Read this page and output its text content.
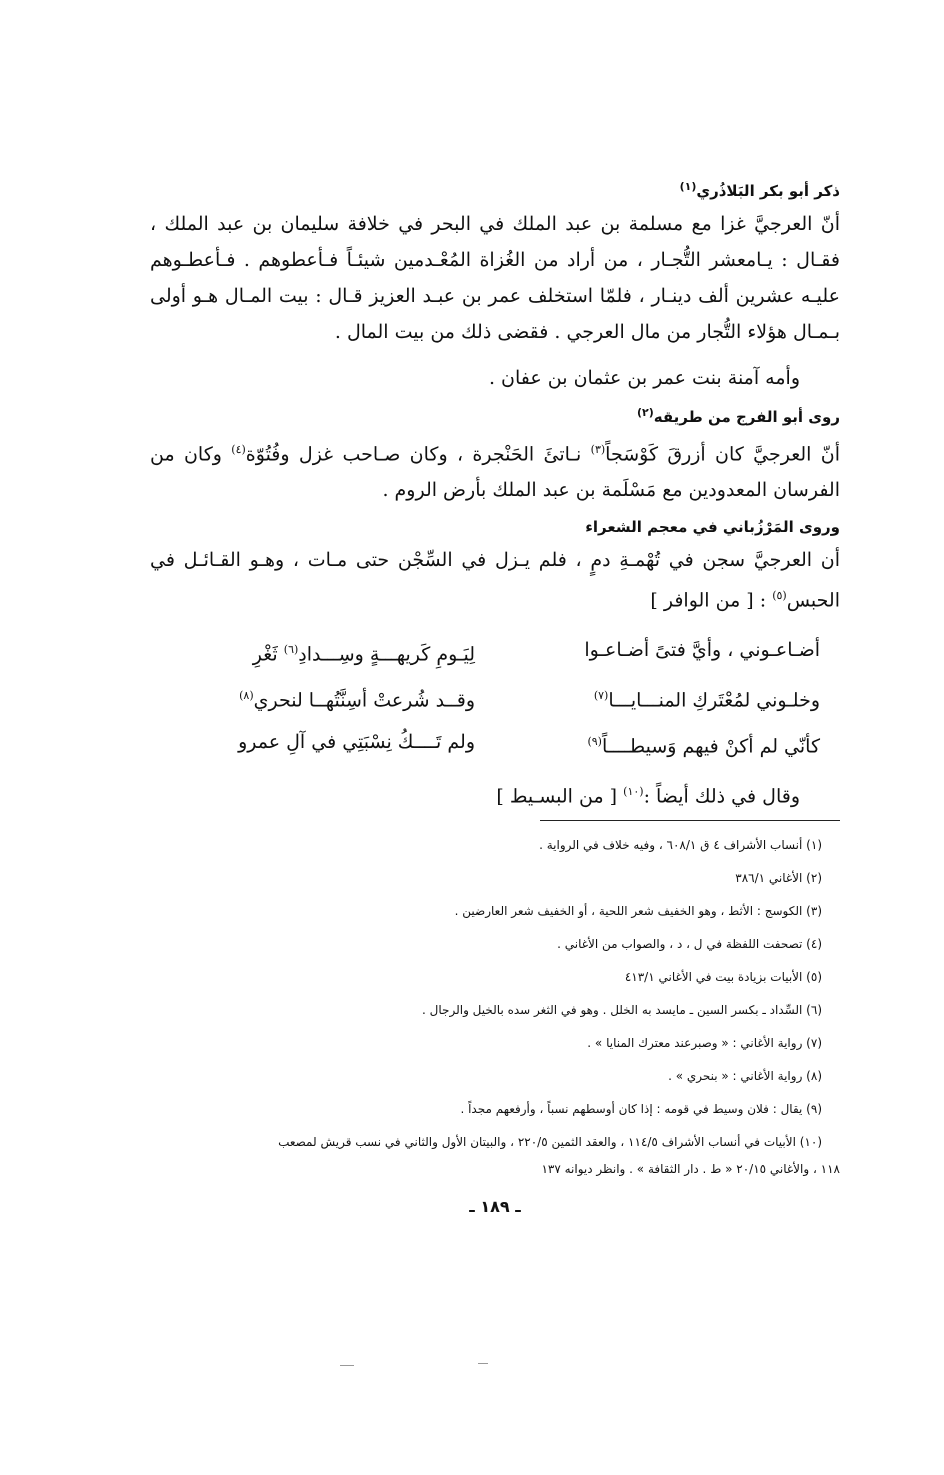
ذكر أبو بكر البَلاذُري$^{(١)}$

أنّ العرجيَّ غزا مع مسلمة بن عبد الملك في البحر في خلافة سليمان بن عبد الملك ، فقـال : يـامعشر التُّجـار ، من أراد من الغُزاة المُعْـدمين شيئـاً فـأعطوهم . فـأعطـوهم عليـه عشرين ألف دينـار ، فلمّا استخلف عمر بن عبـد العزيز قـال : بيت المـال هـو أولى بـمـال هؤلاء التُّجار من مال العرجي . فقضى ذلك من بيت المال .

وأمه آمنة بنت عمر بن عثمان بن عفان .

روى أبو الفرج من طريقه$^{(٢)}$

أنّ العرجيَّ كان أزرقَ كَوْسَجاً$^{(٣)}$ نـاتئَ الحَنْجرة ، وكان صـاحب غزل وفُتُوّة$^{(٤)}$ وكان من الفرسان المعدودين مع مَسْلَمة بن عبد الملك بأرض الروم .

وروى المَرْزُباني في معجم الشعراء

أن العرجيَّ سجن في تُهْمـةِ دمٍ ، فلم يـزل في السِّجْن حتى مـات ، وهـو القـائـل في الحبس$^{(٥)}$ : [ من الوافر ]

أضـاعـوني ، وأيَّ فتىً أضـاعـوا
لِيَـومِ كَريهـــةٍ وسِـــدادِ$^{(٦)}$ ثَغْرِ
وخلـوني لمُعْتَركِ المنـــايـــا$^{(٧)}$
وقــد شُرعتْ أسِنَّتُهــا لنحري$^{(٨)}$
كأنّي لم أكنْ فيهم وَسيطــــاً$^{(٩)}$
ولم تَــــكُ نِسْبَتِي في آلِ عمرو

وقال في ذلك أيضاً :$^{(١٠)}$ [ من البسـيط ]

(١) أنساب الأشراف ٤ ق ٦٠٨/١ ، وفيه خلاف في الرواية .

(٢) الأغاني ٣٨٦/١

(٣) الكوسج : الأثط ، وهو الخفيف شعر اللحية ، أو الخفيف شعر العارضين .

(٤) تصحفت اللفظة في ل ، د ، والصواب من الأغاني .

(٥) الأبيات بزيادة بيت في الأغاني ٤١٣/١

(٦) السِّداد ـ بكسر السين ـ مايسد به الخلل . وهو في الثغر سده بالخيل والرجال .

(٧) رواية الأغاني : « وصبرعند معترك المنايا » .

(٨) رواية الأغاني : « بنحري » .

(٩) يقال : فلان وسيط في قومه : إذا كان أوسطهم نسباً ، وأرفعهم مجداً .

(١٠) الأبيات في أنساب الأشراف ١١٤/٥ ، والعقد الثمين ٢٢٠/٥ ، والبيتان الأول والثاني في نسب قريش لمصعب

١١٨ ، والأغاني ٢٠/١٥ « ط . دار الثقافة » . وانظر ديوانه ١٣٧

ـ ١٨٩ ـ
